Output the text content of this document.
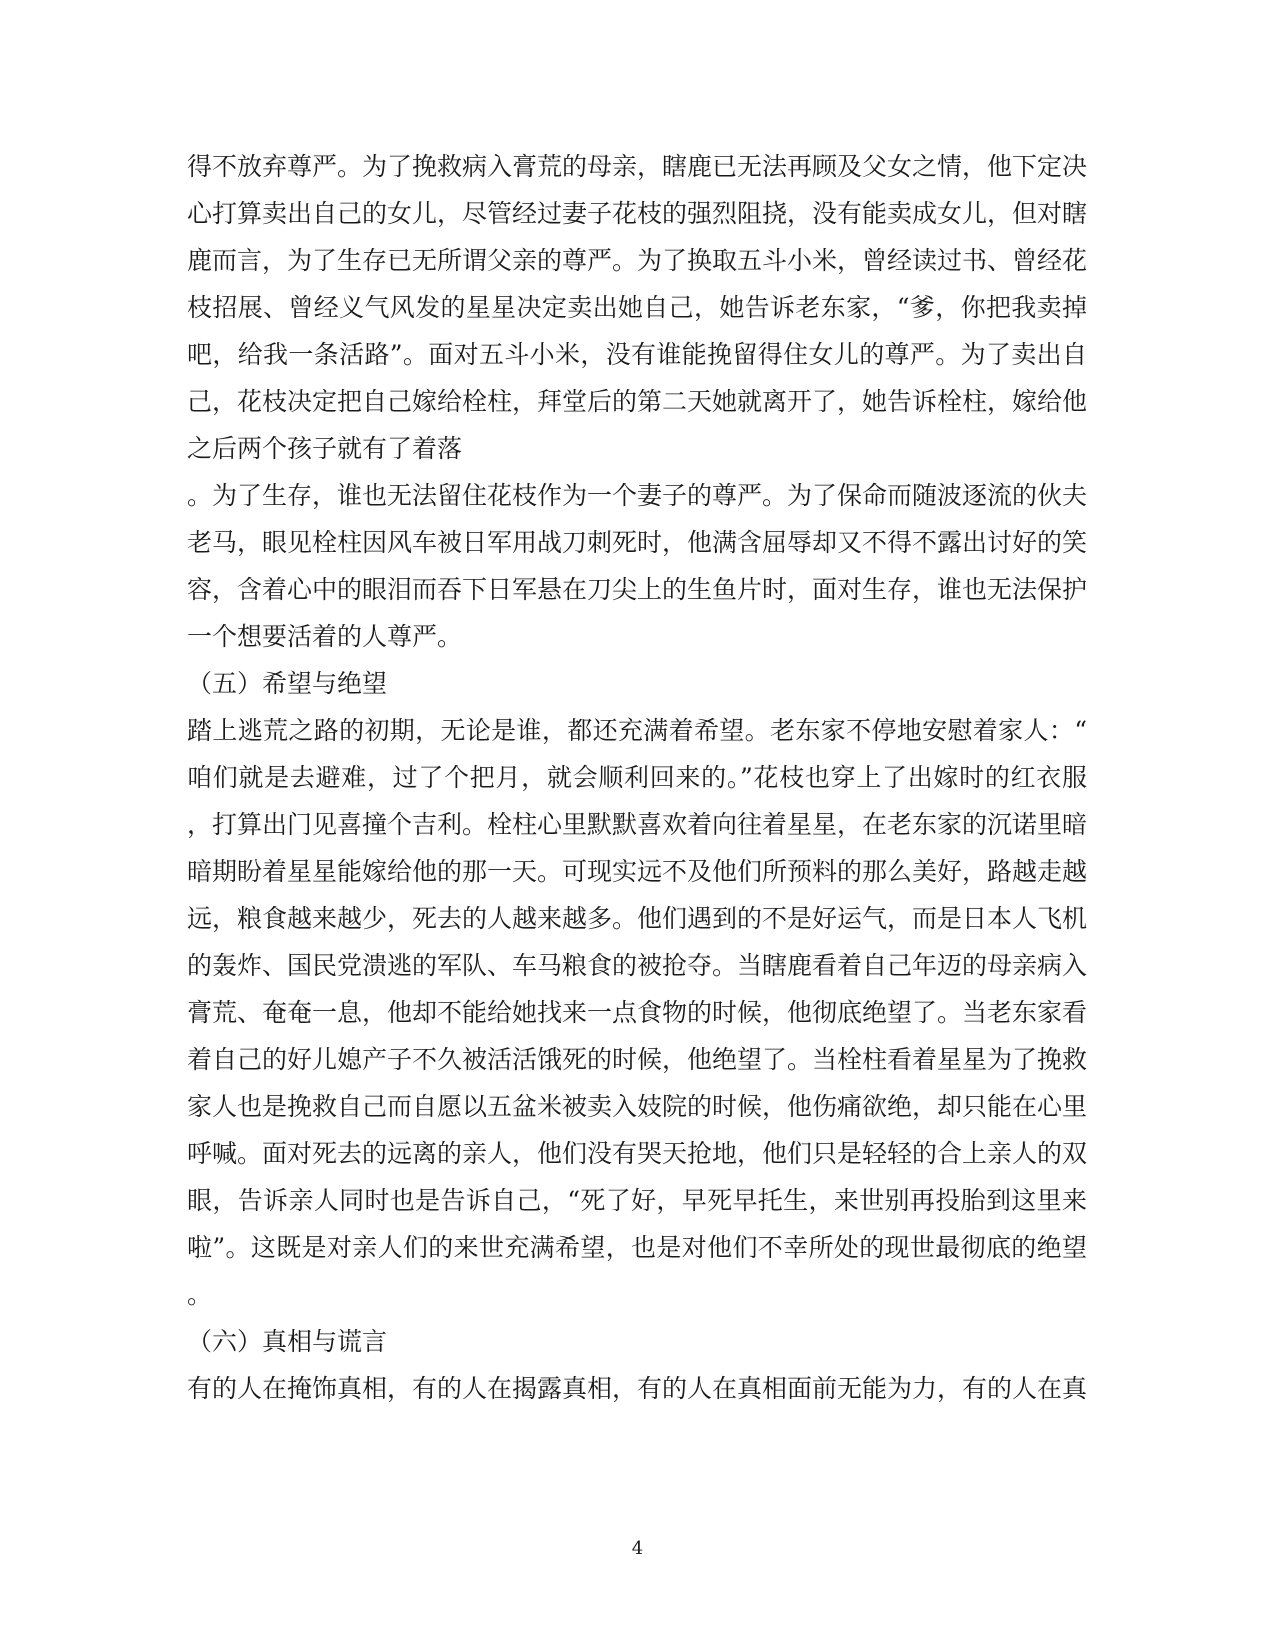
得不放弃尊严。为了挽救病入膏荒的母亲，瞎鹿已无法再顾及父女之情，他下定决
心打算卖出自己的女儿，尽管经过妻子花枝的强烈阻挠，没有能卖成女儿，但对瞎
鹿而言，为了生存已无所谓父亲的尊严。为了换取五斗小米，曾经读过书、曾经花
枝招展、曾经义气风发的星星决定卖出她自己，她告诉老东家，“爹，你把我卖掉
吧，给我一条活路”。面对五斗小米，没有谁能挽留得住女儿的尊严。为了卖出自
己，花枝决定把自己嫁给栓柱，拜堂后的第二天她就离开了，她告诉栓柱，嫁给他
之后两个孩子就有了着落
。为了生存，谁也无法留住花枝作为一个妻子的尊严。为了保命而随波逐流的伙夫
老马，眼见栓柱因风车被日军用战刀刺死时，他满含屈辱却又不得不露出讨好的笑
容，含着心中的眼泪而吞下日军悬在刀尖上的生鱼片时，面对生存，谁也无法保护
一个想要活着的人尊严。
（五）希望与绝望
踏上逃荒之路的初期，无论是谁，都还充满着希望。老东家不停地安慰着家人：“
咱们就是去避难，过了个把月，就会顺利回来的。”花枝也穿上了出嫁时的红衣服
，打算出门见喜撞个吉利。栓柱心里默默喜欢着向往着星星，在老东家的沉诺里暗
暗期盼着星星能嫁给他的那一天。可现实远不及他们所预料的那么美好，路越走越
远，粮食越来越少，死去的人越来越多。他们遇到的不是好运气，而是日本人飞机
的轰炸、国民党溃逃的军队、车马粮食的被抢夺。当瞎鹿看着自己年迈的母亲病入
膏荒、奄奄一息，他却不能给她找来一点食物的时候，他彻底绝望了。当老东家看
着自己的好儿媳产子不久被活活饿死的时候，他绝望了。当栓柱看着星星为了挽救
家人也是挽救自己而自愿以五盆米被卖入妓院的时候，他伤痛欲绝，却只能在心里
呼喊。面对死去的远离的亲人，他们没有哭天抢地，他们只是轻轻的合上亲人的双
眼，告诉亲人同时也是告诉自己，“死了好，早死早托生，来世别再投胎到这里来
啦”。这既是对亲人们的来世充满希望，也是对他们不幸所处的现世最彻底的绝望
。
（六）真相与谎言
有的人在掩饰真相，有的人在揭露真相，有的人在真相面前无能为力，有的人在真
4
